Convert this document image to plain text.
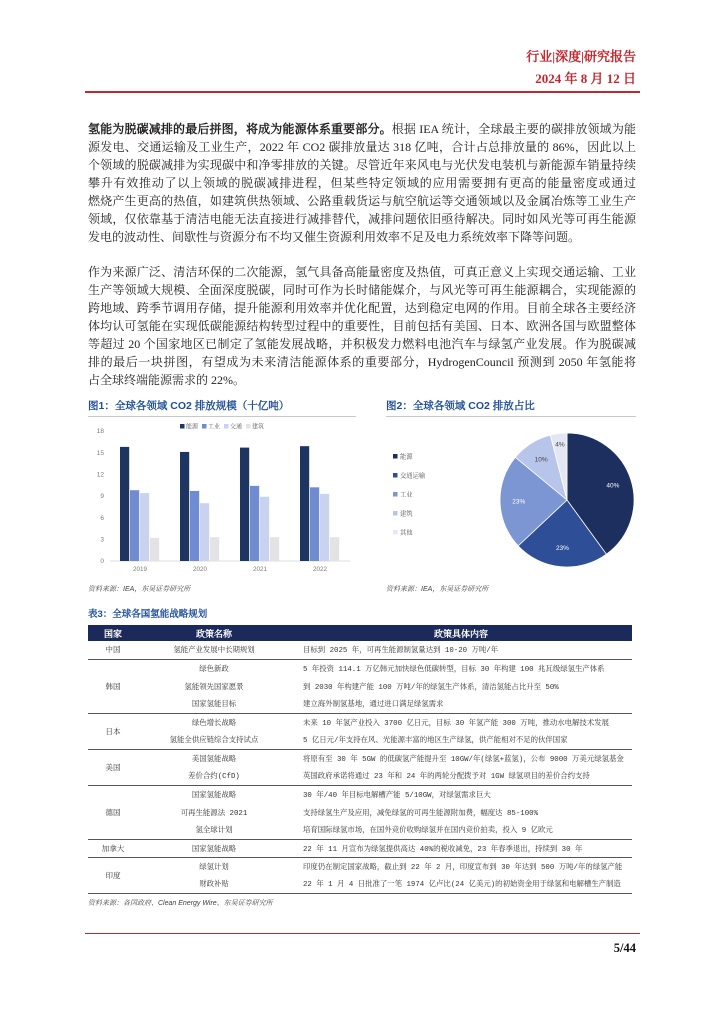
行业|深度|研究报告
2024 年 8 月 12 日
氢能为脱碳减排的最后拼图，将成为能源体系重要部分。根据 IEA 统计，全球最主要的碳排放领域为能
源发电、交通运输及工业生产，2022 年 CO2 碳排放量达 318 亿吨，合计占总排放量的 86%，因此以上
个领域的脱碳减排为实现碳中和净零排放的关键。尽管近年来风电与光伏发电装机与新能源车销量持续
攀升有效推动了以上领域的脱碳减排进程，但某些特定领域的应用需要拥有更高的能量密度或通过
燃烧产生更高的热值，如建筑供热领域、公路重载货运与航空航运等交通领域以及金属冶炼等工业生产
领域，仅依靠基于清洁电能无法直接进行减排替代，减排问题依旧亟待解决。同时如风光等可再生能源
发电的波动性、间歇性与资源分布不均又催生资源利用效率不足及电力系统效率下降等问题。
作为来源广泛、清洁环保的二次能源，氢气具备高能量密度及热值，可真正意义上实现交通运输、工业
生产等领域大规模、全面深度脱碳，同时可作为长时储能媒介，与风光等可再生能源耦合，实现能源的
跨地域、跨季节调用存储，提升能源利用效率并优化配置，达到稳定电网的作用。目前全球各主要经济
体均认可氢能在实现低碳能源结构转型过程中的重要性，目前包括有美国、日本、欧洲各国与欧盟整体
等超过 20 个国家地区已制定了氢能发展战略，并积极发力燃料电池汽车与绿氢产业发展。作为脱碳减
排的最后一块拼图，有望成为未来清洁能源体系的重要部分，HydrogenCouncil 预测到 2050 年氢能将
占全球终端能源需求的 22%。
图1：全球各领域 CO2 排放规模（十亿吨）
0
3
6
9
12
15
18
2019	2020	2021	2022
能源 工业 交通 建筑
资料来源：IEA，东吴证券研究所
图2：全球各领域 CO2 排放占比
40%
23%
23%
10%
4%
能源
交通运输
工业
建筑
其他
资料来源：IEA，东吴证券研究所
表3：全球各国氢能战略规划
国家	政策名称	政策具体内容
中国	氢能产业发展中长期规划	目标到 2025 年，可再生能源制氢量达到 10-20 万吨/年
韩国	绿色新政	5 年投资 114.1 万亿韩元加快绿色低碳转型，目标 30 年构建 100 兆瓦级绿氢生产体系
	氢能领先国家愿景	到 2030 年构建产能 100 万吨/年的绿氢生产体系，清洁氢能占比升至 50%
	国家氢能目标	建立海外制氢基地，通过进口满足绿氢需求
日本	绿色增长战略	未来 10 年氢产业投入 3700 亿日元，目标 30 年氢产能 300 万吨，推动水电解技术发展
	氢能全供应链综合支持试点	5 亿日元/年支持在风、光能源丰富的地区生产绿氢，供产能相对不足的伙伴国家
美国	美国氢能战略	将原有至 30 年 5GW 的低碳氢产能提升至 10GW/年(绿氢+蓝氢)，公布 9000 万美元绿氢基金
	差价合约(CfD)	英国政府承诺将通过 23 年和 24 年的两轮分配拨予对 1GW 绿氢项目的差价合约支持
德国	国家氢能战略	30 年/40 年目标电解槽产能 5/10GW，对绿氢需求巨大
	可再生能源法 2021	支持绿氢生产及应用，减免绿氢的可再生能源附加费，幅度达 85-100%
	氢全球计划	培育国际绿氢市场，在国外竞价收购绿氢并在国内竞价拍卖，投入 9 亿欧元
加拿大	国家氢能战略	22 年 11 月宣布为绿氢提供高达 40%的税收减免，23 年春季退出，持续到 30 年
印度	绿氢计划	印度仍在制定国家战略，截止到 22 年 2 月，印度宣布到 30 年达到 500 万吨/年的绿氢产能
	财政补贴	22 年 1 月 4 日批准了一笔 1974 亿卢比(24 亿美元)的初始资金用于绿氢和电解槽生产制造
资料来源：各国政府、Clean Energy Wire、东吴证券研究所
5/44
